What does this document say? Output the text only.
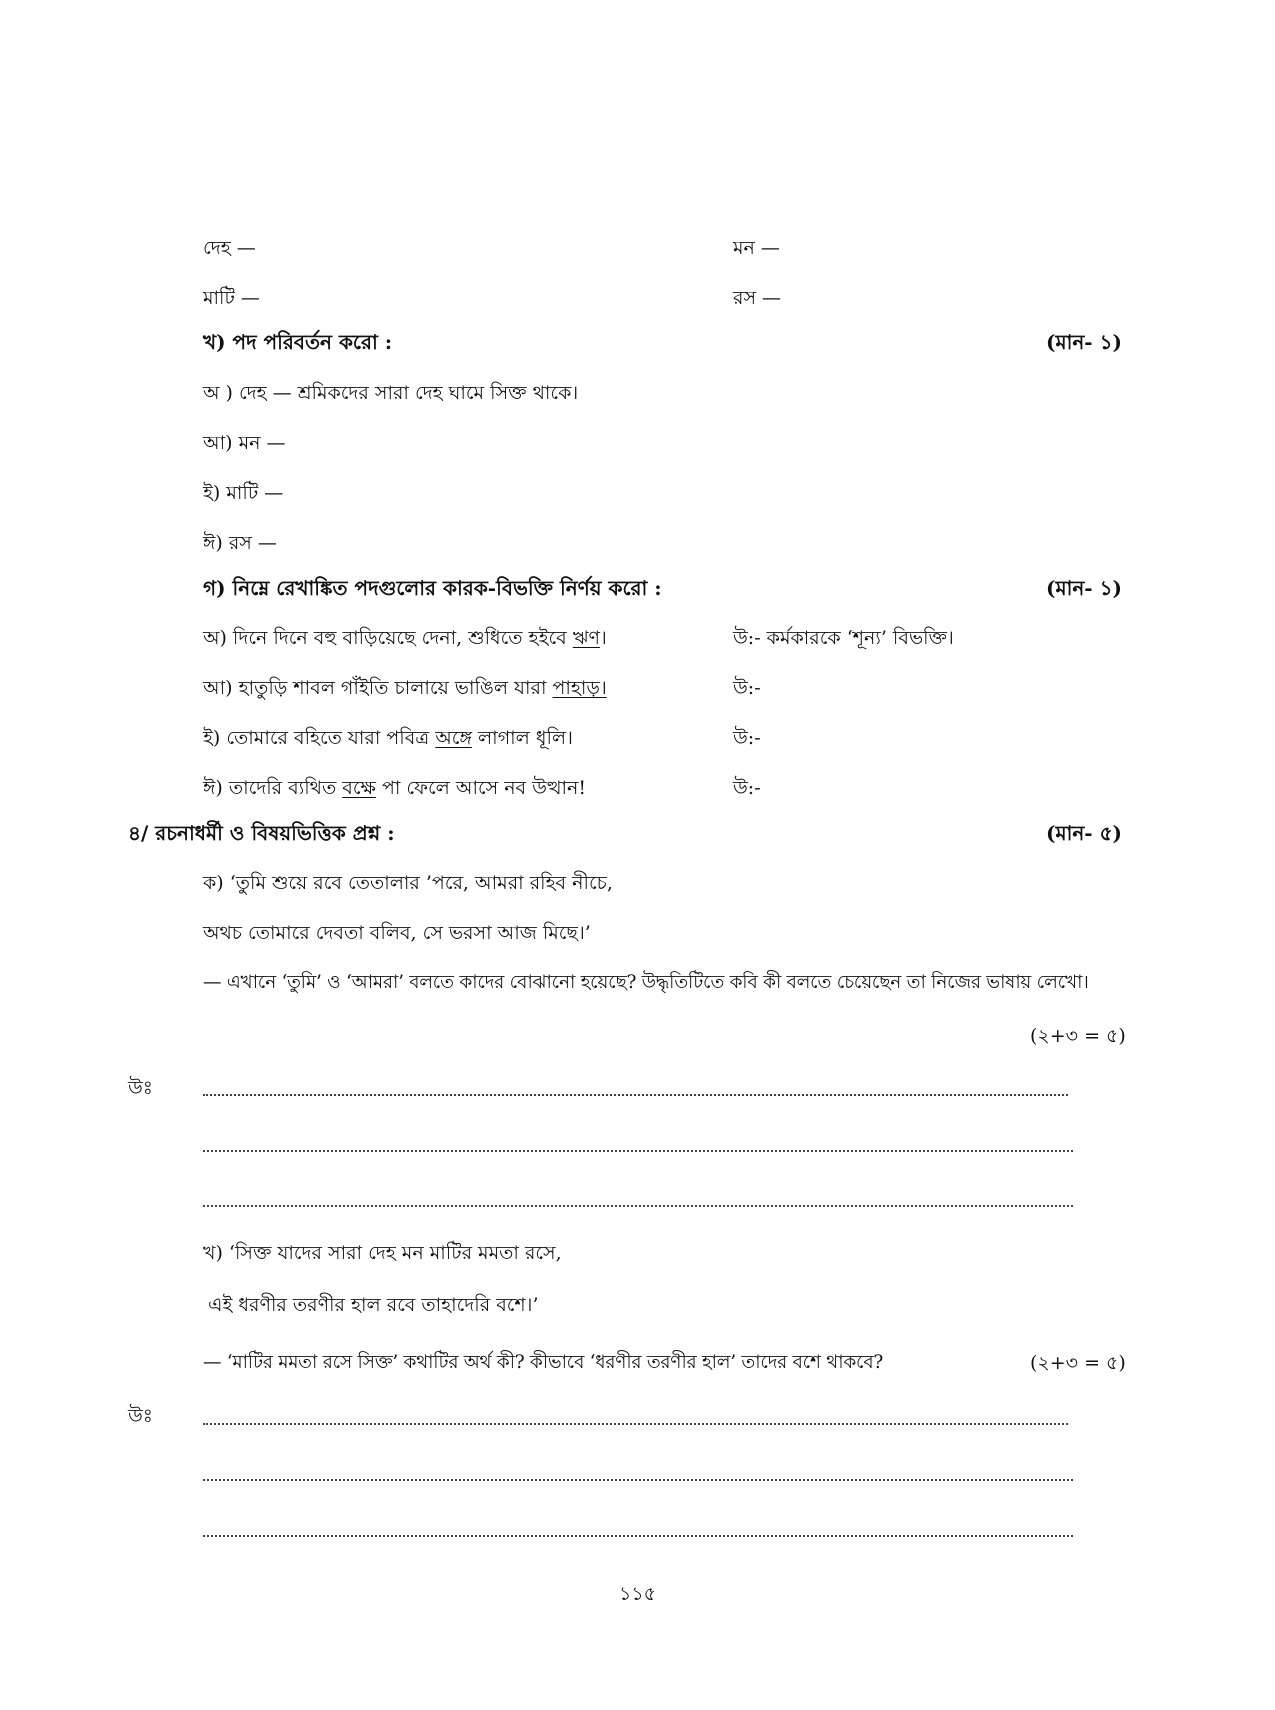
দেহ —	মন —
মাটি —	রস —
খ) পদ পরিবর্তন করো :	(মান- ১)
অ ) দেহ — শ্রমিকদের সারা দেহ ঘামে সিক্ত থাকে।
আ) মন —
ই) মাটি —
ঈ) রস —
গ) নিম্নে রেখাঙ্কিত পদগুলোর কারক-বিভক্তি নির্ণয় করো :	(মান- ১)
অ) দিনে দিনে বহু বাড়িয়েছে দেনা, শুধিতে হইবে ঋণ।	উ:- কর্মকারকে ‘শূন্য’ বিভক্তি।
আ) হাতুড়ি শাবল গাঁইতি চালায়ে ভাঙিল যারা পাহাড়।	উ:-
ই) তোমারে বহিতে যারা পবিত্র অঙ্গে লাগাল ধূলি।	উ:-
ঈ) তাদেরি ব্যথিত বক্ষে পা ফেলে আসে নব উত্থান!	উ:-
৪/ রচনাধর্মী ও বিষয়ভিত্তিক প্রশ্ন :	(মান- ৫)
ক) ‘তুমি শুয়ে রবে তেতালার ’পরে, আমরা রহিব নীচে,
অথচ তোমারে দেবতা বলিব, সে ভরসা আজ মিছে।’
— এখানে ‘তুমি’ ও ‘আমরা’ বলতে কাদের বোঝানো হয়েছে? উদ্ধৃতিটিতে কবি কী বলতে চেয়েছেন তা নিজের ভাষায় লেখো।
(২+৩ = ৫)
উঃ
খ) ‘সিক্ত যাদের সারা দেহ মন মাটির মমতা রসে,
এই ধরণীর তরণীর হাল রবে তাহাদেরি বশে।’
— ‘মাটির মমতা রসে সিক্ত’ কথাটির অর্থ কী? কীভাবে ‘ধরণীর তরণীর হাল’ তাদের বশে থাকবে?	(২+৩ = ৫)
উঃ
১১৫
